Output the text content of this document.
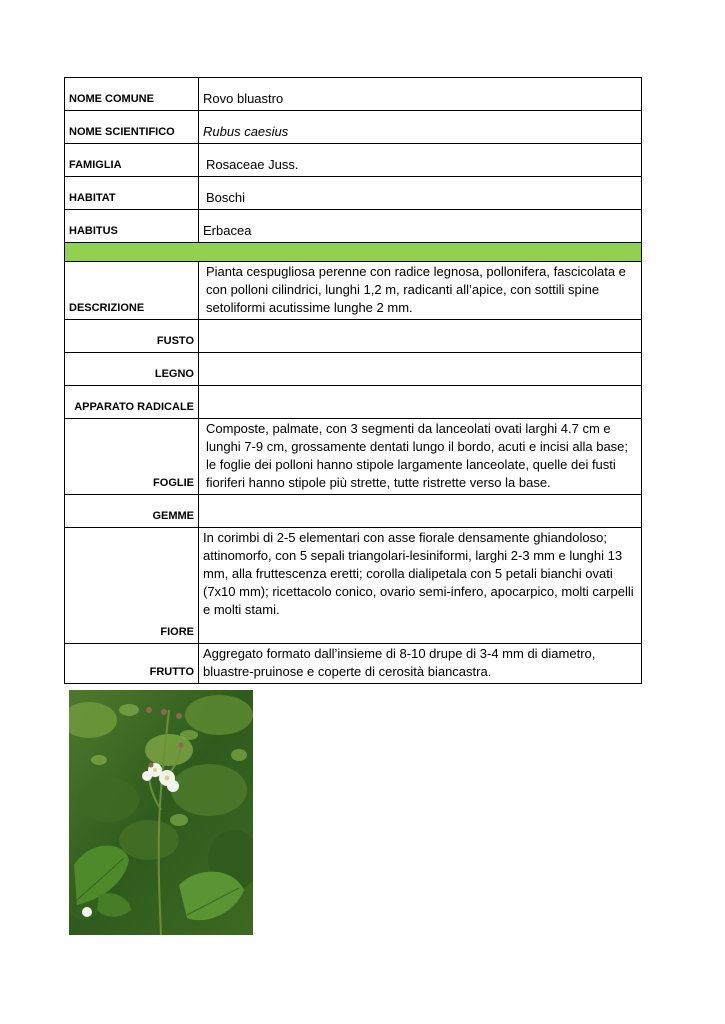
NOME COMUNE	Rovo bluastro
NOME SCIENTIFICO	Rubus caesius
FAMIGLIA	Rosaceae Juss.
HABITAT	Boschi
HABITUS	Erbacea

DESCRIZIONE	Pianta cespugliosa perenne con radice legnosa, pollonifera, fascicolata e con polloni cilindrici, lunghi 1,2 m, radicanti all’apice, con sottili spine setoliformi acutissime lunghe 2 mm.
FUSTO	
LEGNO	
APPARATO RADICALE	
FOGLIE	Composte, palmate, con 3 segmenti da lanceolati ovati larghi 4.7 cm e lunghi 7-9 cm, grossamente dentati lungo il bordo, acuti e incisi alla base; le foglie dei polloni hanno stipole largamente lanceolate, quelle dei fusti fioriferi hanno stipole più strette, tutte ristrette verso la base.
GEMME	
FIORE	In corimbi di 2-5 elementari con asse fiorale densamente ghiandoloso; attinomorfo, con 5 sepali triangolari-lesiniformi, larghi 2-3 mm e lunghi 13 mm, alla fruttescenza eretti; corolla dialipetala con 5 petali bianchi ovati (7x10 mm); ricettacolo conico, ovario semi-infero, apocarpico, molti carpelli e molti stami.
FRUTTO	Aggregato formato dall’insieme di 8-10 drupe di 3-4 mm di diametro, bluastre-pruinose e coperte di cerosità biancastra.
